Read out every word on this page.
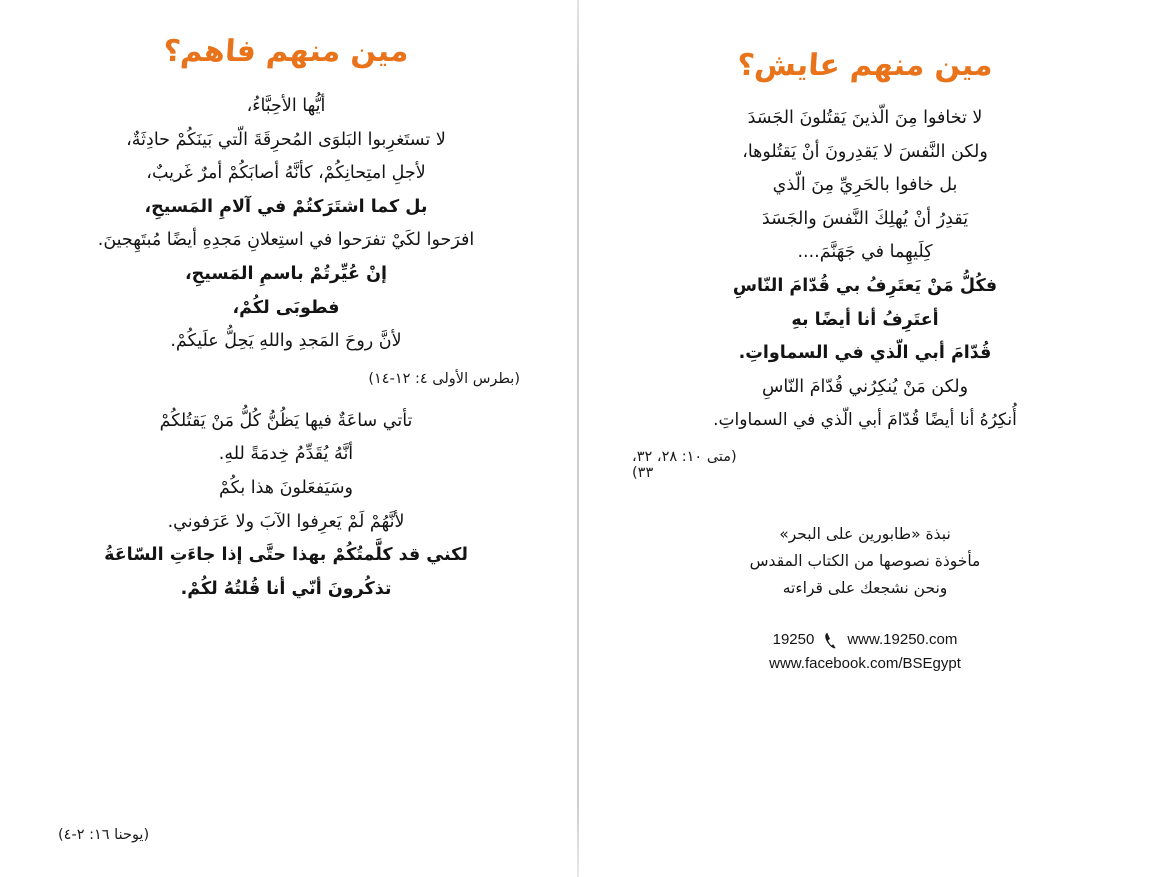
مين منهم فاهم؟
أيُّها الأحِبَّاءُ،
لا تستَغرِبوا البَلوَى المُحرِقَةَ الّتي بَينَكُمْ حادِثَةٌ،
لأجلِ امتِحانِكُمْ، كأنَّهُ أصابَكُمْ أمرٌ غَريبٌ،
بل كما اشتَرَكتُمْ في آلامِ المَسيحِ،
افرَحوا لكَيْ تفرَحوا في استِعلانِ مَجدِهِ أيضًا مُبتَهِجينَ.
إنْ عُيِّرتُمْ باسمِ المَسيحِ،
فطوبَى لكُمْ،
لأنَّ روحَ المَجدِ واللهِ يَحِلُّ علَيكُمْ.
(بطرس الأولى ٤: ١٢-١٤)
تأتي ساعَةٌ فيها يَظُنُّ كُلُّ مَنْ يَقتُلكُمْ
أنَّهُ يُقَدِّمُ خِدمَةً للهِ.
وسَيَفعَلونَ هذا بكُمْ
لأنَّهُمْ لَمْ يَعرِفوا الآبَ ولا عَرَفوني.
لكني قد كلَّمتُكُمْ بهذا حتَّى إذا جاءَتِ السّاعَةُ
تذكُرونَ أنّي أنا قُلتُهُ لكُمْ.
(يوحنا ١٦: ٢-٤)
مين منهم عايش؟
لا تخافوا مِنَ الّذينَ يَقتُلونَ الجَسَدَ
ولكن النَّفسَ لا يَقدِرونَ أنْ يَقتُلوها،
بل خافوا بالحَرِيِّ مِنَ الّذي
يَقدِرُ أنْ يُهلِكَ النَّفسَ والجَسَدَ
كِلَيهِما في جَهَنَّمَ....
فكُلُّ مَنْ يَعتَرِفُ بي قُدّامَ النّاسِ
أعتَرِفُ أنا أيضًا بهِ
قُدّامَ أبي الّذي في السماواتِ.
ولكن مَنْ يُنكِرُني قُدّامَ النّاسِ
أُنكِرُهُ أنا أيضًا قُدّامَ أبي الّذي في السماواتِ.
(متى ١٠: ٢٨، ٣٢،
٣٣)
نبذة «طابورين على البحر»
مأخوذة نصوصها من الكتاب المقدس
ونحن نشجعك على قراءته
19250 www.19250.com
www.facebook.com/BSEgypt
